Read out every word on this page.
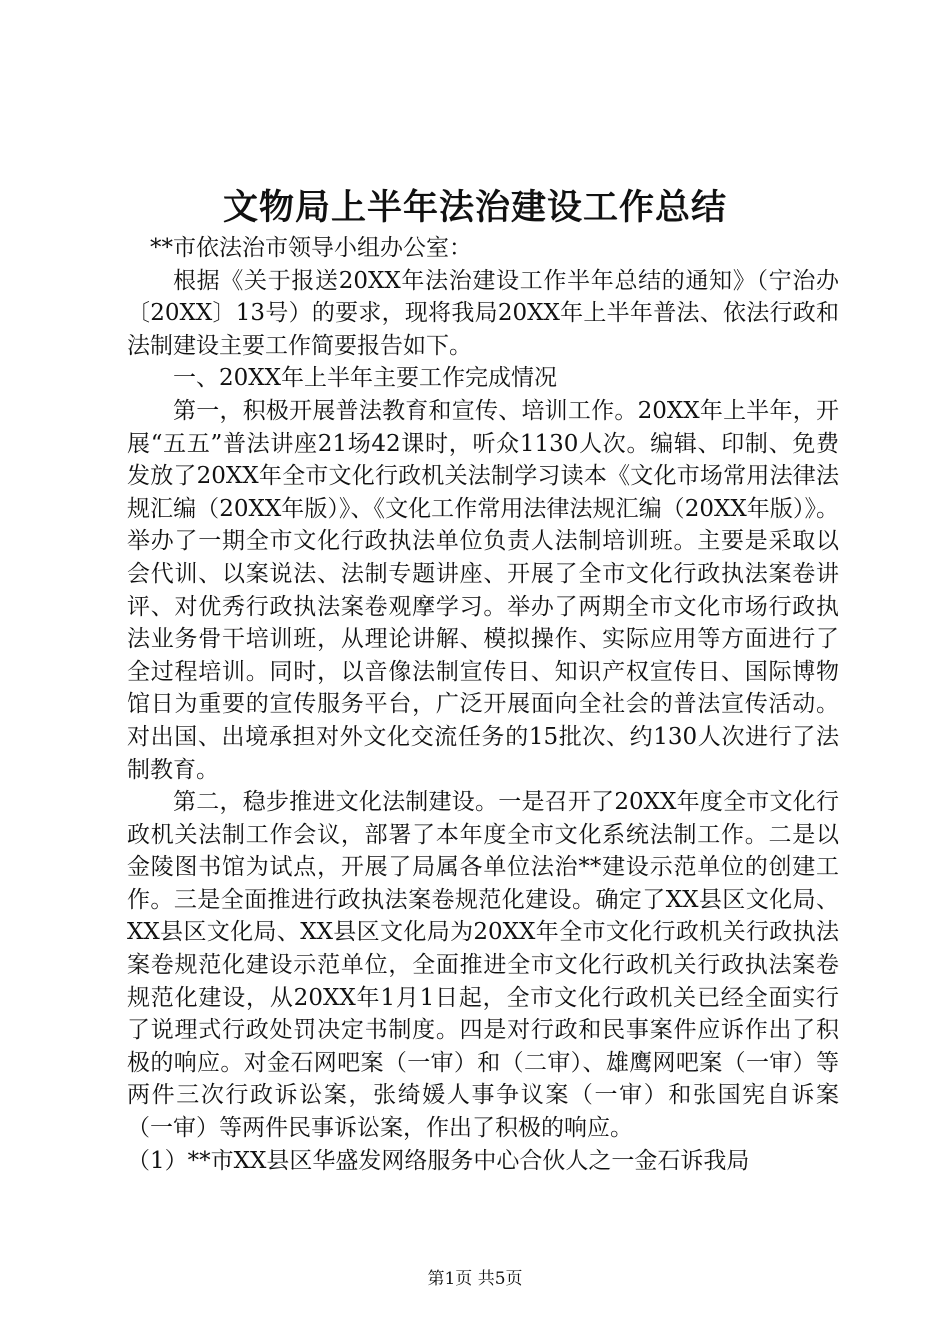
文物局上半年法治建设工作总结

**市依法治市领导小组办公室：

根据《关于报送20XX年法治建设工作半年总结的通知》（宁治办〔20XX〕13号）的要求，现将我局20XX年上半年普法、依法行政和法制建设主要工作简要报告如下。

一、20XX年上半年主要工作完成情况

第一，积极开展普法教育和宣传、培训工作。20XX年上半年，开展“五五”普法讲座21场42课时，听众1130人次。编辑、印制、免费发放了20XX年全市文化行政机关法制学习读本《文化市场常用法律法规汇编（20XX年版）》、《文化工作常用法律法规汇编（20XX年版）》。举办了一期全市文化行政执法单位负责人法制培训班。主要是采取以会代训、以案说法、法制专题讲座、开展了全市文化行政执法案卷讲评、对优秀行政执法案卷观摩学习。举办了两期全市文化市场行政执法业务骨干培训班，从理论讲解、模拟操作、实际应用等方面进行了全过程培训。同时，以音像法制宣传日、知识产权宣传日、国际博物馆日为重要的宣传服务平台，广泛开展面向全社会的普法宣传活动。对出国、出境承担对外文化交流任务的15批次、约130人次进行了法制教育。

第二，稳步推进文化法制建设。一是召开了20XX年度全市文化行政机关法制工作会议，部署了本年度全市文化系统法制工作。二是以金陵图书馆为试点，开展了局属各单位法治**建设示范单位的创建工作。三是全面推进行政执法案卷规范化建设。确定了XX县区文化局、XX县区文化局、XX县区文化局为20XX年全市文化行政机关行政执法案卷规范化建设示范单位，全面推进全市文化行政机关行政执法案卷规范化建设，从20XX年1月1日起，全市文化行政机关已经全面实行了说理式行政处罚决定书制度。四是对行政和民事案件应诉作出了积极的响应。对金石网吧案（一审）和（二审）、雄鹰网吧案（一审）等两件三次行政诉讼案，张绮媛人事争议案（一审）和张国宪自诉案（一审）等两件民事诉讼案，作出了积极的响应。

（1）**市XX县区华盛发网络服务中心合伙人之一金石诉我局

第1页 共5页
